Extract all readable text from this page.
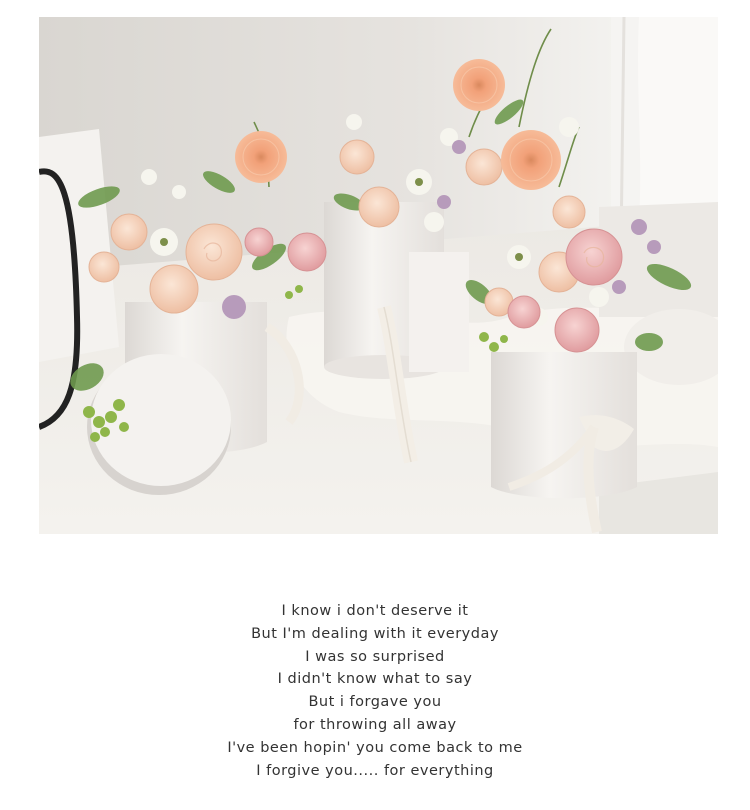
I know i don't deserve it
But I'm dealing with it everyday
I was so surprised
I didn't know what to say
But i forgave you
for throwing all away
I've been hopin' you come back to me
I forgive you..... for everything
